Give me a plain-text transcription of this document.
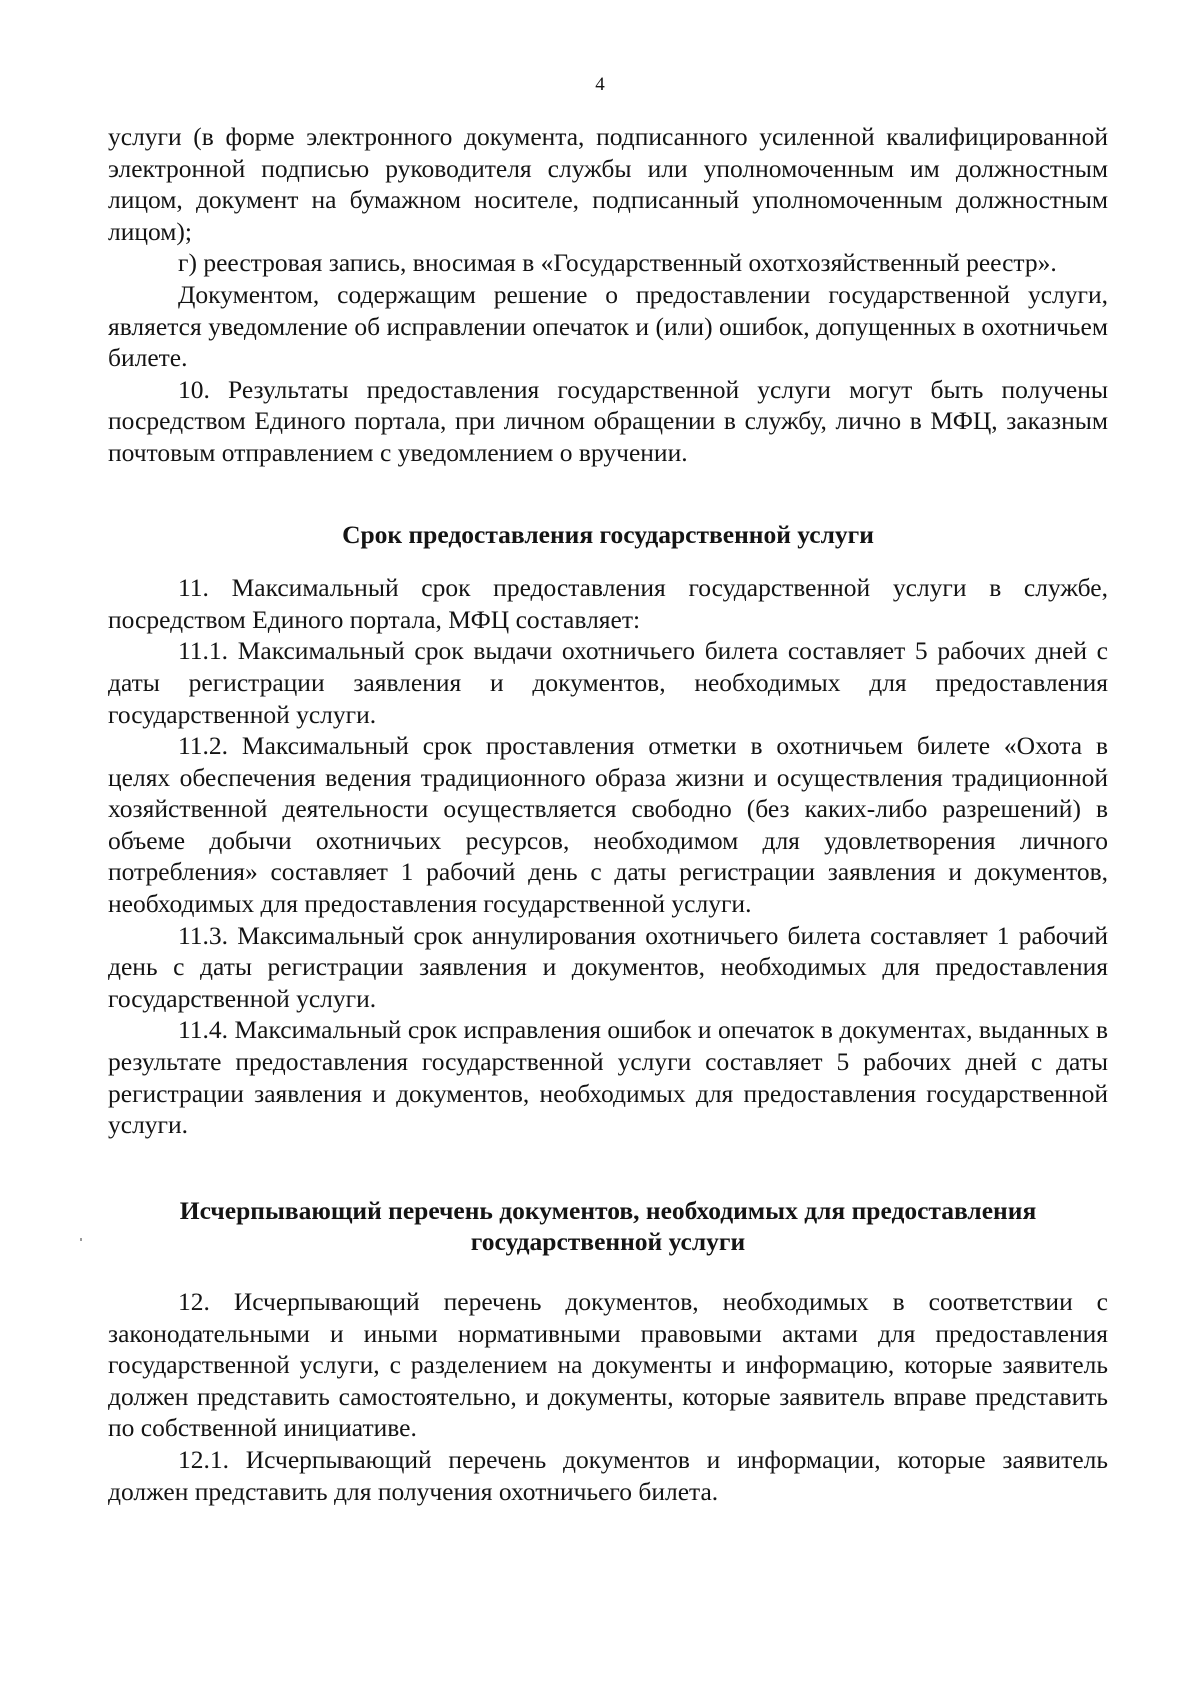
4

услуги (в форме электронного документа, подписанного усиленной квалифицированной электронной подписью руководителя службы или уполномоченным им должностным лицом, документ на бумажном носителе, подписанный уполномоченным должностным лицом);

г) реестровая запись, вносимая в «Государственный охотхозяйственный реестр».

Документом, содержащим решение о предоставлении государственной услуги, является уведомление об исправлении опечаток и (или) ошибок, допущенных в охотничьем билете.

10. Результаты предоставления государственной услуги могут быть получены посредством Единого портала, при личном обращении в службу, лично в МФЦ, заказным почтовым отправлением с уведомлением о вручении.

Срок предоставления государственной услуги

11. Максимальный срок предоставления государственной услуги в службе, посредством Единого портала, МФЦ составляет:

11.1. Максимальный срок выдачи охотничьего билета составляет 5 рабочих дней с даты регистрации заявления и документов, необходимых для предоставления государственной услуги.

11.2. Максимальный срок проставления отметки в охотничьем билете «Охота в целях обеспечения ведения традиционного образа жизни и осуществления традиционной хозяйственной деятельности осуществляется свободно (без каких-либо разрешений) в объеме добычи охотничьих ресурсов, необходимом для удовлетворения личного потребления» составляет 1 рабочий день с даты регистрации заявления и документов, необходимых для предоставления государственной услуги.

11.3. Максимальный срок аннулирования охотничьего билета составляет 1 рабочий день с даты регистрации заявления и документов, необходимых для предоставления государственной услуги.

11.4. Максимальный срок исправления ошибок и опечаток в документах, выданных в результате предоставления государственной услуги составляет 5 рабочих дней с даты регистрации заявления и документов, необходимых для предоставления государственной услуги.

Исчерпывающий перечень документов, необходимых для предоставления
государственной услуги

12. Исчерпывающий перечень документов, необходимых в соответствии с законодательными и иными нормативными правовыми актами для предоставления государственной услуги, с разделением на документы и информацию, которые заявитель должен представить самостоятельно, и документы, которые заявитель вправе представить по собственной инициативе.

12.1. Исчерпывающий перечень документов и информации, которые заявитель должен представить для получения охотничьего билета.
